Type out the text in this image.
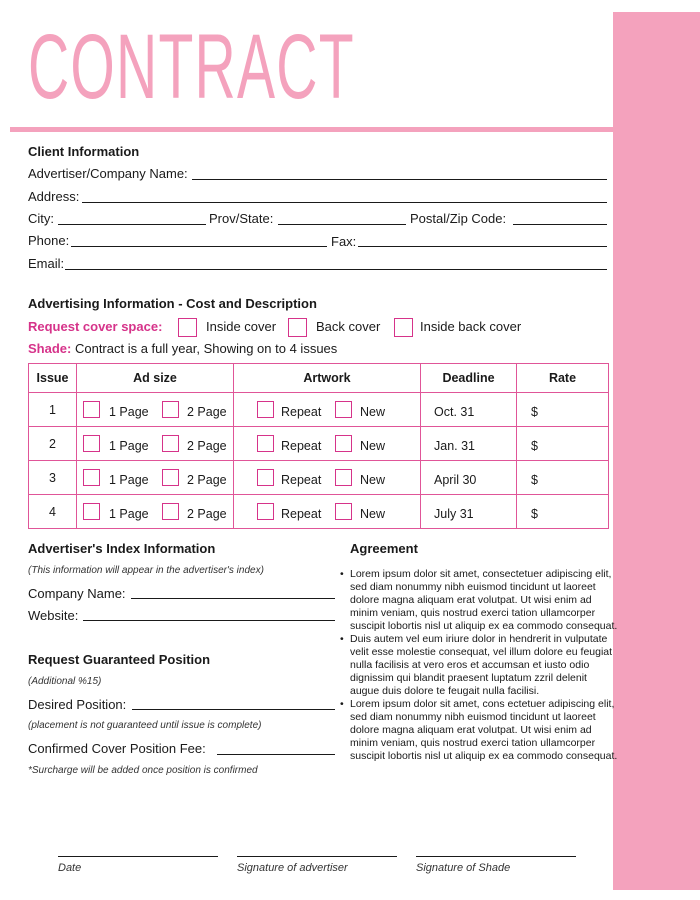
CONTRACT
Client Information
Advertiser/Company Name:
Address:
City:	Prov/State:	Postal/Zip Code:
Phone:	Fax:
Email:
Advertising Information - Cost and Description
Request cover space:	Inside cover	Back cover	Inside back cover
Shade: Contract is a full year, Showing on to 4 issues
Issue	Ad size	Artwork	Deadline	Rate
1	1 Page 2 Page	Repeat New	Oct. 31	$

2	1 Page 2 Page	Repeat New	Jan. 31	$

3	1 Page 2 Page	Repeat New	April 30	$

4	1 Page 2 Page	Repeat New	July 31	$
Advertiser's Index Information
(This information will appear in the advertiser's index)
Company Name:
Website:
Request Guaranteed Position
(Additional %15)
Desired Position:
(placement is not guaranteed until issue is complete)
Confirmed Cover Position Fee:
*Surcharge will be added once position is confirmed
Agreement
• Lorem ipsum dolor sit amet, consectetuer adipiscing elit, sed diam nonummy nibh euismod tincidunt ut laoreet dolore magna aliquam erat volutpat. Ut wisi enim ad minim veniam, quis nostrud exerci tation ullamcorper suscipit lobortis nisl ut aliquip ex ea commodo consequat.
• Duis autem vel eum iriure dolor in hendrerit in vulputate velit esse molestie consequat, vel illum dolore eu feugiat nulla facilisis at vero eros et accumsan et iusto odio dignissim qui blandit praesent luptatum zzril delenit augue duis dolore te feugait nulla facilisi.
• Lorem ipsum dolor sit amet, cons ectetuer adipiscing elit, sed diam nonummy nibh euismod tincidunt ut laoreet dolore magna aliquam erat volutpat. Ut wisi enim ad minim veniam, quis nostrud exerci tation ullamcorper suscipit lobortis nisl ut aliquip ex ea commodo consequat.
Date	Signature of advertiser	Signature of Shade
